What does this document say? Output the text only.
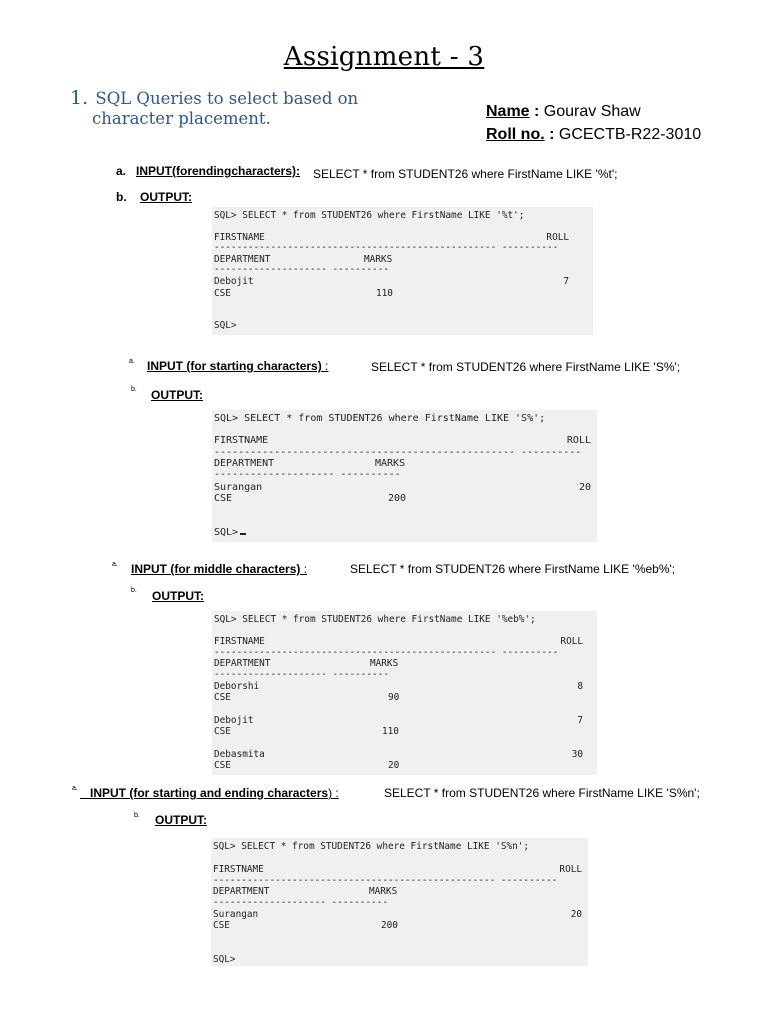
Assignment - 3
1. SQL Queries to select based on
character placement.	Name : Gourav Shaw
Roll no. : GCECTB-R22-3010
a. INPUT(forendingcharacters): SELECT * from STUDENT26 where FirstName LIKE '%t';
b. OUTPUT:
SQL> SELECT * from STUDENT26 where FirstName LIKE '%t';
FIRSTNAME	ROLL
-------------------------------------------------- ----------
DEPARTMENT	MARKS
-------------------- ----------
Debojit	7
CSE	110
SQL>
a. INPUT (for starting characters) :	SELECT * from STUDENT26 where FirstName LIKE 'S%';
b. OUTPUT:
SQL> SELECT * from STUDENT26 where FirstName LIKE 'S%';
FIRSTNAME	ROLL
-------------------------------------------------- ----------
DEPARTMENT	MARKS
-------------------- ----------
Surangan	20
CSE	200
SQL>
a. INPUT (for middle characters) :	SELECT * from STUDENT26 where FirstName LIKE '%eb%';
b. OUTPUT:
SQL> SELECT * from STUDENT26 where FirstName LIKE '%eb%';
FIRSTNAME	ROLL
-------------------------------------------------- ----------
DEPARTMENT	MARKS
-------------------- ----------
Deborshi	8
CSE	90
Debojit	7
CSE	110
Debasmita	30
CSE	20
a.	INPUT (for starting and ending characters) :	SELECT * from STUDENT26 where FirstName LIKE 'S%n';
b. OUTPUT:
SQL> SELECT * from STUDENT26 where FirstName LIKE 'S%n';
FIRSTNAME	ROLL
-------------------------------------------------- ----------
DEPARTMENT	MARKS
-------------------- ----------
Surangan	20
CSE	200
SQL>
